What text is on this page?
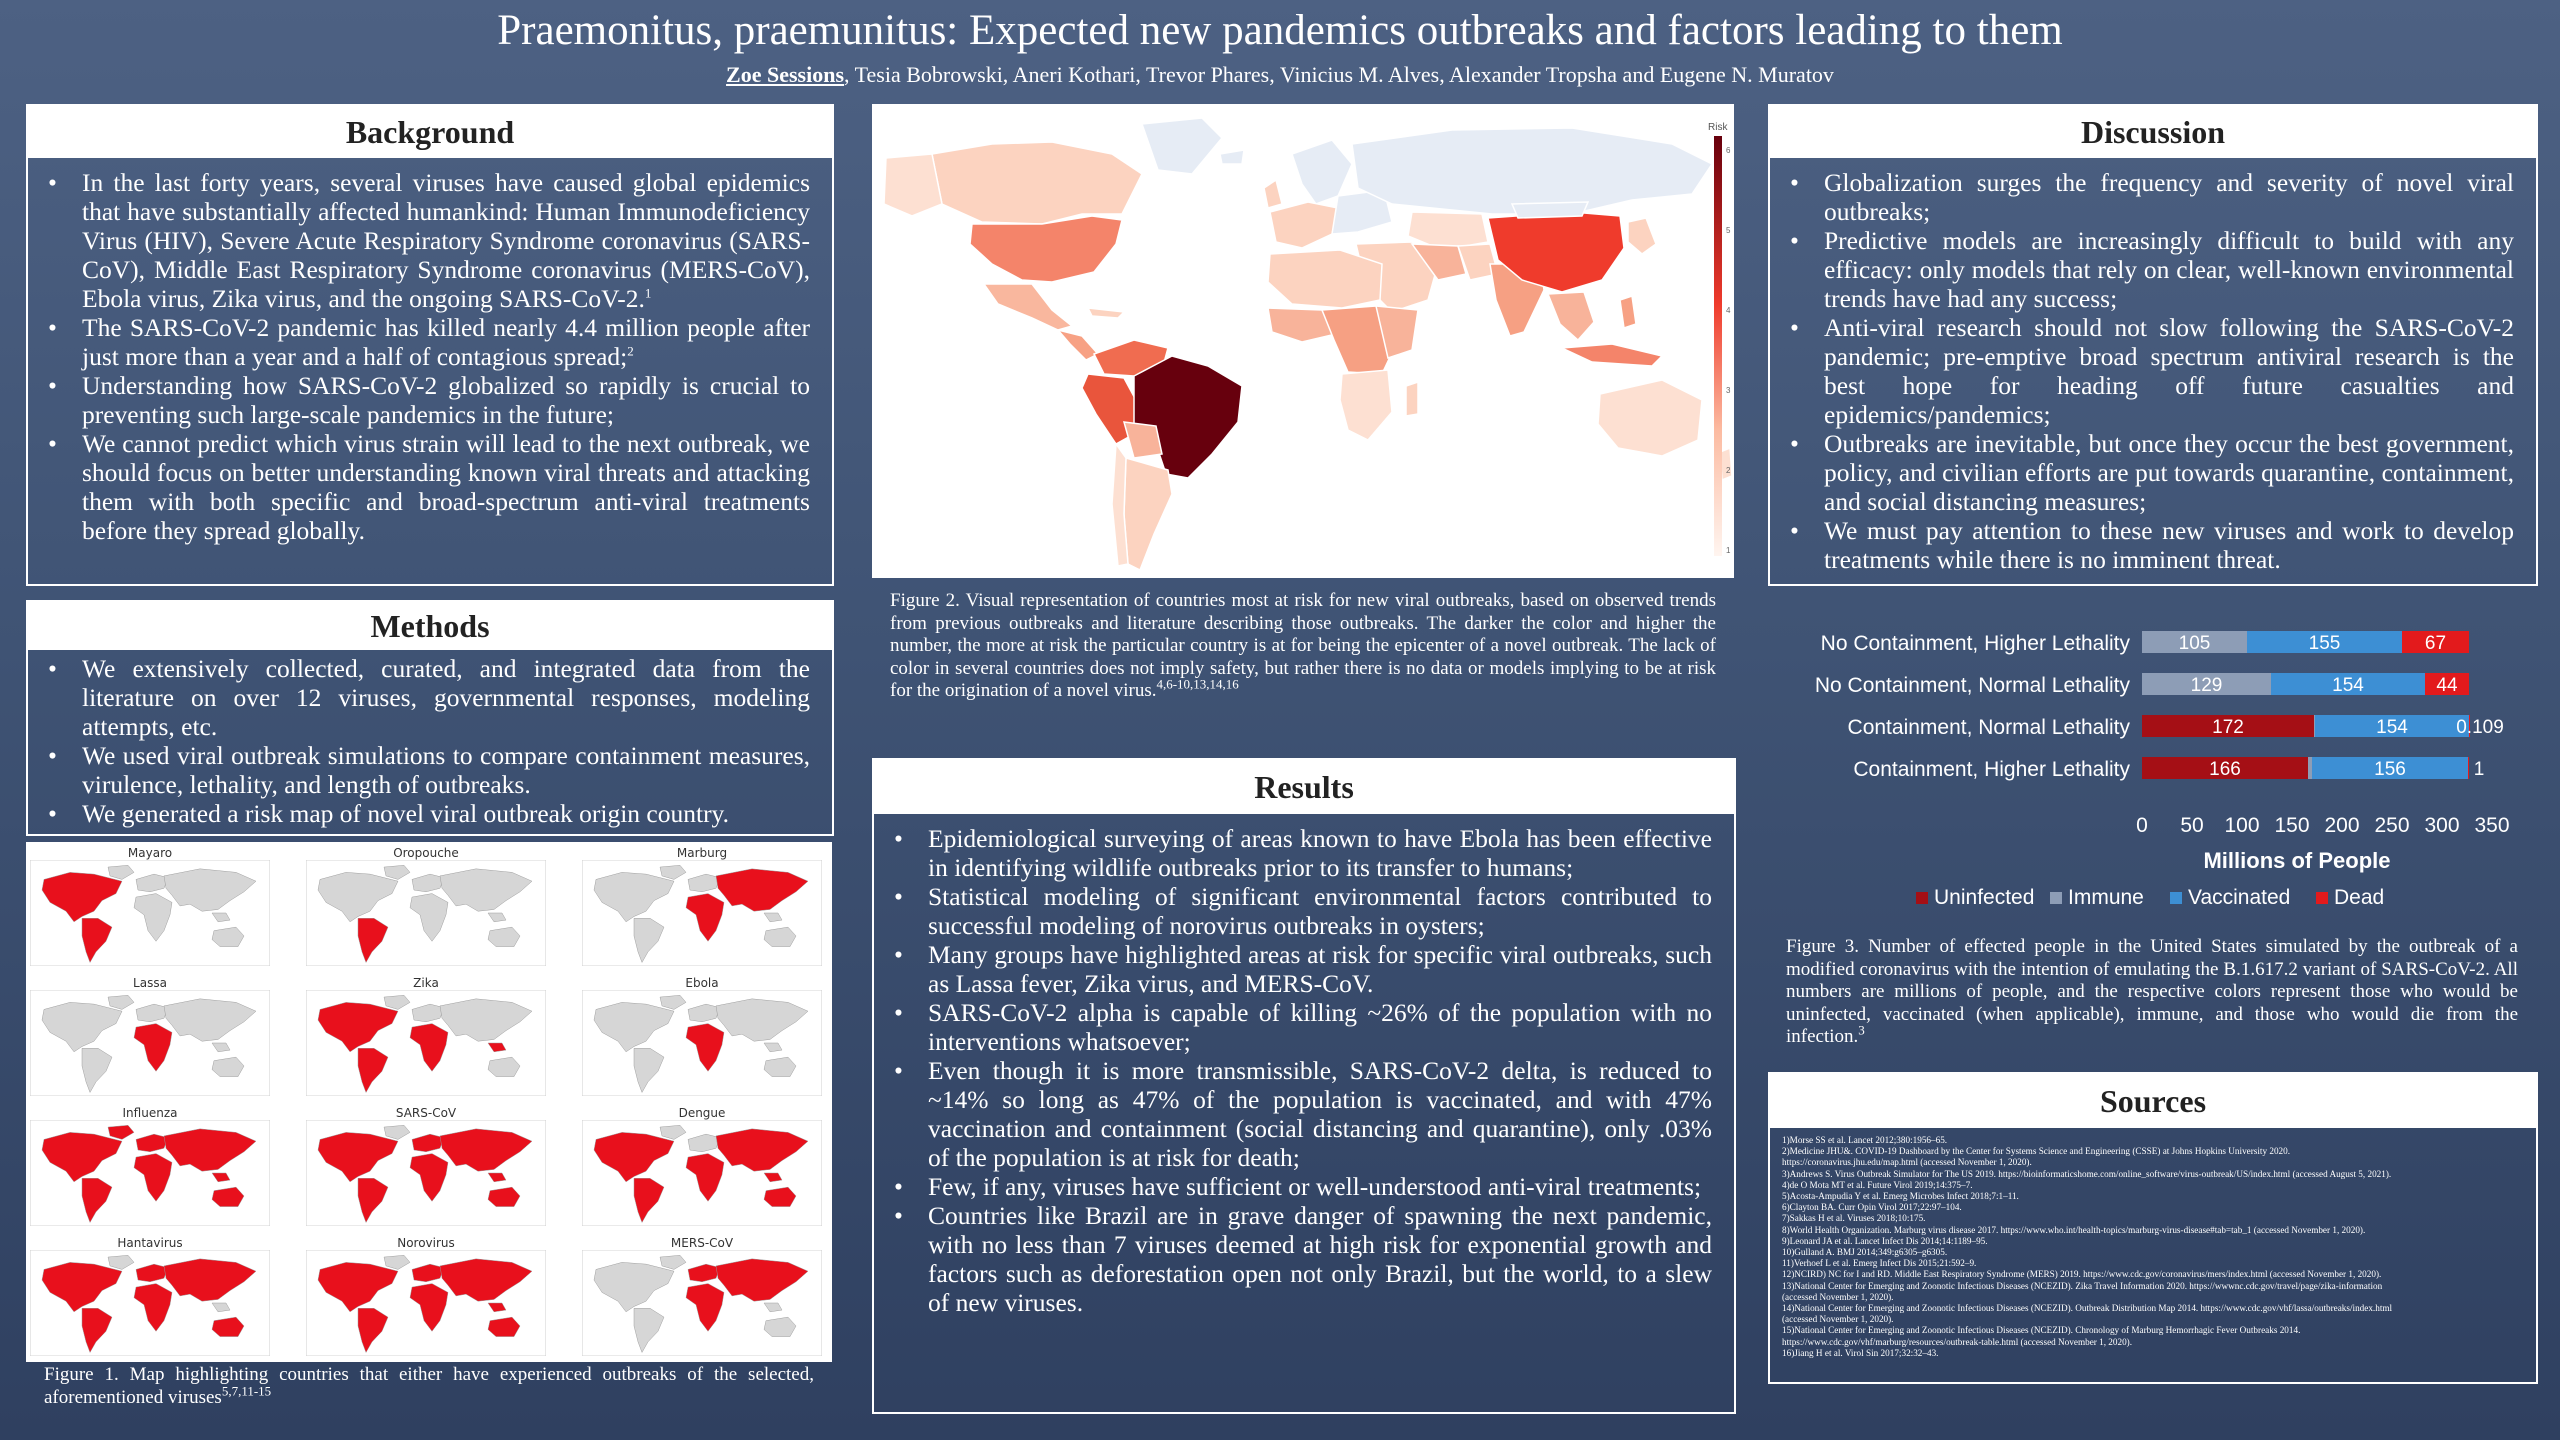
Praemonitus, praemunitus: Expected new pandemics outbreaks and factors leading to them
Zoe Sessions, Tesia Bobrowski, Aneri Kothari, Trevor Phares, Vinicius M. Alves, Alexander Tropsha and Eugene N. Muratov
Background
• In the last forty years, several viruses have caused global epidemics that have substantially affected humankind: Human Immunodeficiency Virus (HIV), Severe Acute Respiratory Syndrome coronavirus (SARS-CoV), Middle East Respiratory Syndrome coronavirus (MERS-CoV), Ebola virus, Zika virus, and the ongoing SARS-CoV-2.$^1$
• The SARS-CoV-2 pandemic has killed nearly 4.4 million people after just more than a year and a half of contagious spread;$^2$
• Understanding how SARS-CoV-2 globalized so rapidly is crucial to preventing such large-scale pandemics in the future;
• We cannot predict which virus strain will lead to the next outbreak, we should focus on better understanding known viral threats and attacking them with both specific and broad-spectrum anti-viral treatments before they spread globally.
Methods
• We extensively collected, curated, and integrated data from the literature on over 12 viruses, governmental responses, modeling attempts, etc.
• We used viral outbreak simulations to compare containment measures, virulence, lethality, and length of outbreaks.
• We generated a risk map of novel viral outbreak origin country.
Mayaro	Oropouche	Marburg
Lassa	Zika	Ebola
Influenza	SARS-CoV	Dengue
Hantavirus	Norovirus	MERS-CoV
Figure 1. Map highlighting countries that either have experienced outbreaks of the selected, aforementioned viruses$^{5,7,11-15}$
Risk
1
2
3
4
5
6
Figure 2. Visual representation of countries most at risk for new viral outbreaks, based on observed trends from previous outbreaks and literature describing those outbreaks. The darker the color and higher the number, the more at risk the particular country is at for being the epicenter of a novel outbreak. The lack of color in several countries does not imply safety, but rather there is no data or models implying to be at risk for the origination of a novel virus.$^{4,6-10,13,14,16}$
Results
• Epidemiological surveying of areas known to have Ebola has been effective in identifying wildlife outbreaks prior to its transfer to humans;
• Statistical modeling of significant environmental factors contributed to successful modeling of norovirus outbreaks in oysters;
• Many groups have highlighted areas at risk for specific viral outbreaks, such as Lassa fever, Zika virus, and MERS-CoV.
• SARS-CoV-2 alpha is capable of killing ~26% of the population with no interventions whatsoever;
• Even though it is more transmissible, SARS-CoV-2 delta, is reduced to ~14% so long as 47% of the population is vaccinated, and with 47% vaccination and containment (social distancing and quarantine), only .03% of the population is at risk for death;
• Few, if any, viruses have sufficient or well-understood anti-viral treatments;
• Countries like Brazil are in grave danger of spawning the next pandemic, with no less than 7 viruses deemed at high risk for exponential growth and factors such as deforestation open not only Brazil, but the world, to a slew of new viruses.
Discussion
• Globalization surges the frequency and severity of novel viral outbreaks;
• Predictive models are increasingly difficult to build with any efficacy: only models that rely on clear, well-known environmental trends have had any success;
• Anti-viral research should not slow following the SARS-CoV-2 pandemic; pre-emptive broad spectrum antiviral research is the best hope for heading off future casualties and epidemics/pandemics;
• Outbreaks are inevitable, but once they occur the best government, policy, and civilian efforts are put towards quarantine, containment, and social distancing measures;
• We must pay attention to these new viruses and work to develop treatments while there is no imminent threat.
No Containment, Higher Lethality	105	155	67
No Containment, Normal Lethality	129	154	44
Containment, Normal Lethality	172	154	0.109
Containment, Higher Lethality	166	156	1
0 50 100 150 200 250 300 350
Millions of People
Uninfected Immune Vaccinated Dead
Figure 3. Number of effected people in the United States simulated by the outbreak of a modified coronavirus with the intention of emulating the B.1.617.2 variant of SARS-CoV-2. All numbers are millions of people, and the respective colors represent those who would be uninfected, vaccinated (when applicable), immune, and those who would die from the infection.$^3$
Sources
1)Morse SS et al. Lancet 2012;380:1956–65.
2)Medicine JHU&. COVID-19 Dashboard by the Center for Systems Science and Engineering (CSSE) at Johns Hopkins University 2020.
https://coronavirus.jhu.edu/map.html (accessed November 1, 2020).
3)Andrews S. Virus Outbreak Simulator for The US 2019. https://bioinformaticshome.com/online_software/virus-outbreak/US/index.html (accessed August 5, 2021).
4)de O Mota MT et al. Future Virol 2019;14:375–7.
5)Acosta-Ampudia Y et al. Emerg Microbes Infect 2018;7:1–11.
6)Clayton BA. Curr Opin Virol 2017;22:97–104.
7)Sakkas H et al. Viruses 2018;10:175.
8)World Health Organization. Marburg virus disease 2017. https://www.who.int/health-topics/marburg-virus-disease#tab=tab_1 (accessed November 1, 2020).
9)Leonard JA et al. Lancet Infect Dis 2014;14:1189–95.
10)Gulland A. BMJ 2014;349:g6305–g6305.
11)Verhoef L et al. Emerg Infect Dis 2015;21:592–9.
12)NCIRD) NC for I and RD. Middle East Respiratory Syndrome (MERS) 2019. https://www.cdc.gov/coronavirus/mers/index.html (accessed November 1, 2020).
13)National Center for Emerging and Zoonotic Infectious Diseases (NCEZID). Zika Travel Information 2020. https://wwwnc.cdc.gov/travel/page/zika-information
(accessed November 1, 2020).
14)National Center for Emerging and Zoonotic Infectious Diseases (NCEZID). Outbreak Distribution Map 2014. https://www.cdc.gov/vhf/lassa/outbreaks/index.html
(accessed November 1, 2020).
15)National Center for Emerging and Zoonotic Infectious Diseases (NCEZID). Chronology of Marburg Hemorrhagic Fever Outbreaks 2014.
https://www.cdc.gov/vhf/marburg/resources/outbreak-table.html (accessed November 1, 2020).
16)Jiang H et al. Virol Sin 2017;32:32–43.
